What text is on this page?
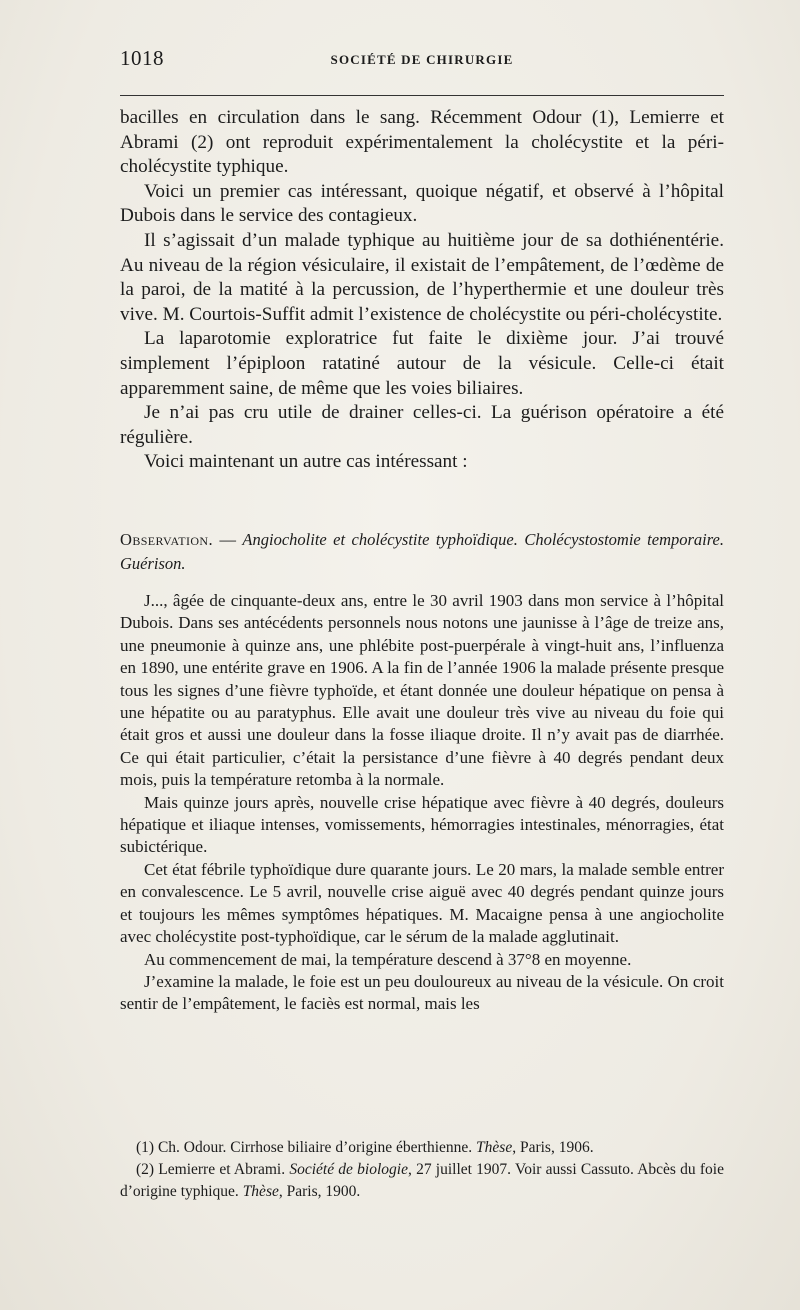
1018	SOCIÉTÉ DE CHIRURGIE

bacilles en circulation dans le sang. Récemment Odour (1), Lemierre et Abrami (2) ont reproduit expérimentalement la cholécystite et la péri-cholécystite typhique.

Voici un premier cas intéressant, quoique négatif, et observé à l’hôpital Dubois dans le service des contagieux.

Il s’agissait d’un malade typhique au huitième jour de sa dothiénentérie. Au niveau de la région vésiculaire, il existait de l’empâtement, de l’œdème de la paroi, de la matité à la percussion, de l’hyperthermie et une douleur très vive. M. Courtois-Suffit admit l’existence de cholécystite ou péri-cholécystite.

La laparotomie exploratrice fut faite le dixième jour. J’ai trouvé simplement l’épiploon ratatiné autour de la vésicule. Celle-ci était apparemment saine, de même que les voies biliaires.

Je n’ai pas cru utile de drainer celles-ci. La guérison opératoire a été régulière.

Voici maintenant un autre cas intéressant :

Observation. — Angiocholite et cholécystite typhoïdique. Cholécystostomie temporaire. Guérison.

J..., âgée de cinquante-deux ans, entre le 30 avril 1903 dans mon service à l’hôpital Dubois. Dans ses antécédents personnels nous notons une jaunisse à l’âge de treize ans, une pneumonie à quinze ans, une phlébite post-puerpérale à vingt-huit ans, l’influenza en 1890, une entérite grave en 1906. A la fin de l’année 1906 la malade présente presque tous les signes d’une fièvre typhoïde, et étant donnée une douleur hépatique on pensa à une hépatite ou au paratyphus. Elle avait une douleur très vive au niveau du foie qui était gros et aussi une douleur dans la fosse iliaque droite. Il n’y avait pas de diarrhée. Ce qui était particulier, c’était la persistance d’une fièvre à 40 degrés pendant deux mois, puis la température retomba à la normale.

Mais quinze jours après, nouvelle crise hépatique avec fièvre à 40 degrés, douleurs hépatique et iliaque intenses, vomissements, hémorragies intestinales, ménorragies, état subictérique.

Cet état fébrile typhoïdique dure quarante jours. Le 20 mars, la malade semble entrer en convalescence. Le 5 avril, nouvelle crise aiguë avec 40 degrés pendant quinze jours et toujours les mêmes symptômes hépatiques. M. Macaigne pensa à une angiocholite avec cholécystite post-typhoïdique, car le sérum de la malade agglutinait.

Au commencement de mai, la température descend à 37°8 en moyenne.

J’examine la malade, le foie est un peu douloureux au niveau de la vésicule. On croit sentir de l’empâtement, le faciès est normal, mais les

(1) Ch. Odour. Cirrhose biliaire d’origine éberthienne. Thèse, Paris, 1906.

(2) Lemierre et Abrami. Société de biologie, 27 juillet 1907. Voir aussi Cassuto. Abcès du foie d’origine typhique. Thèse, Paris, 1900.
